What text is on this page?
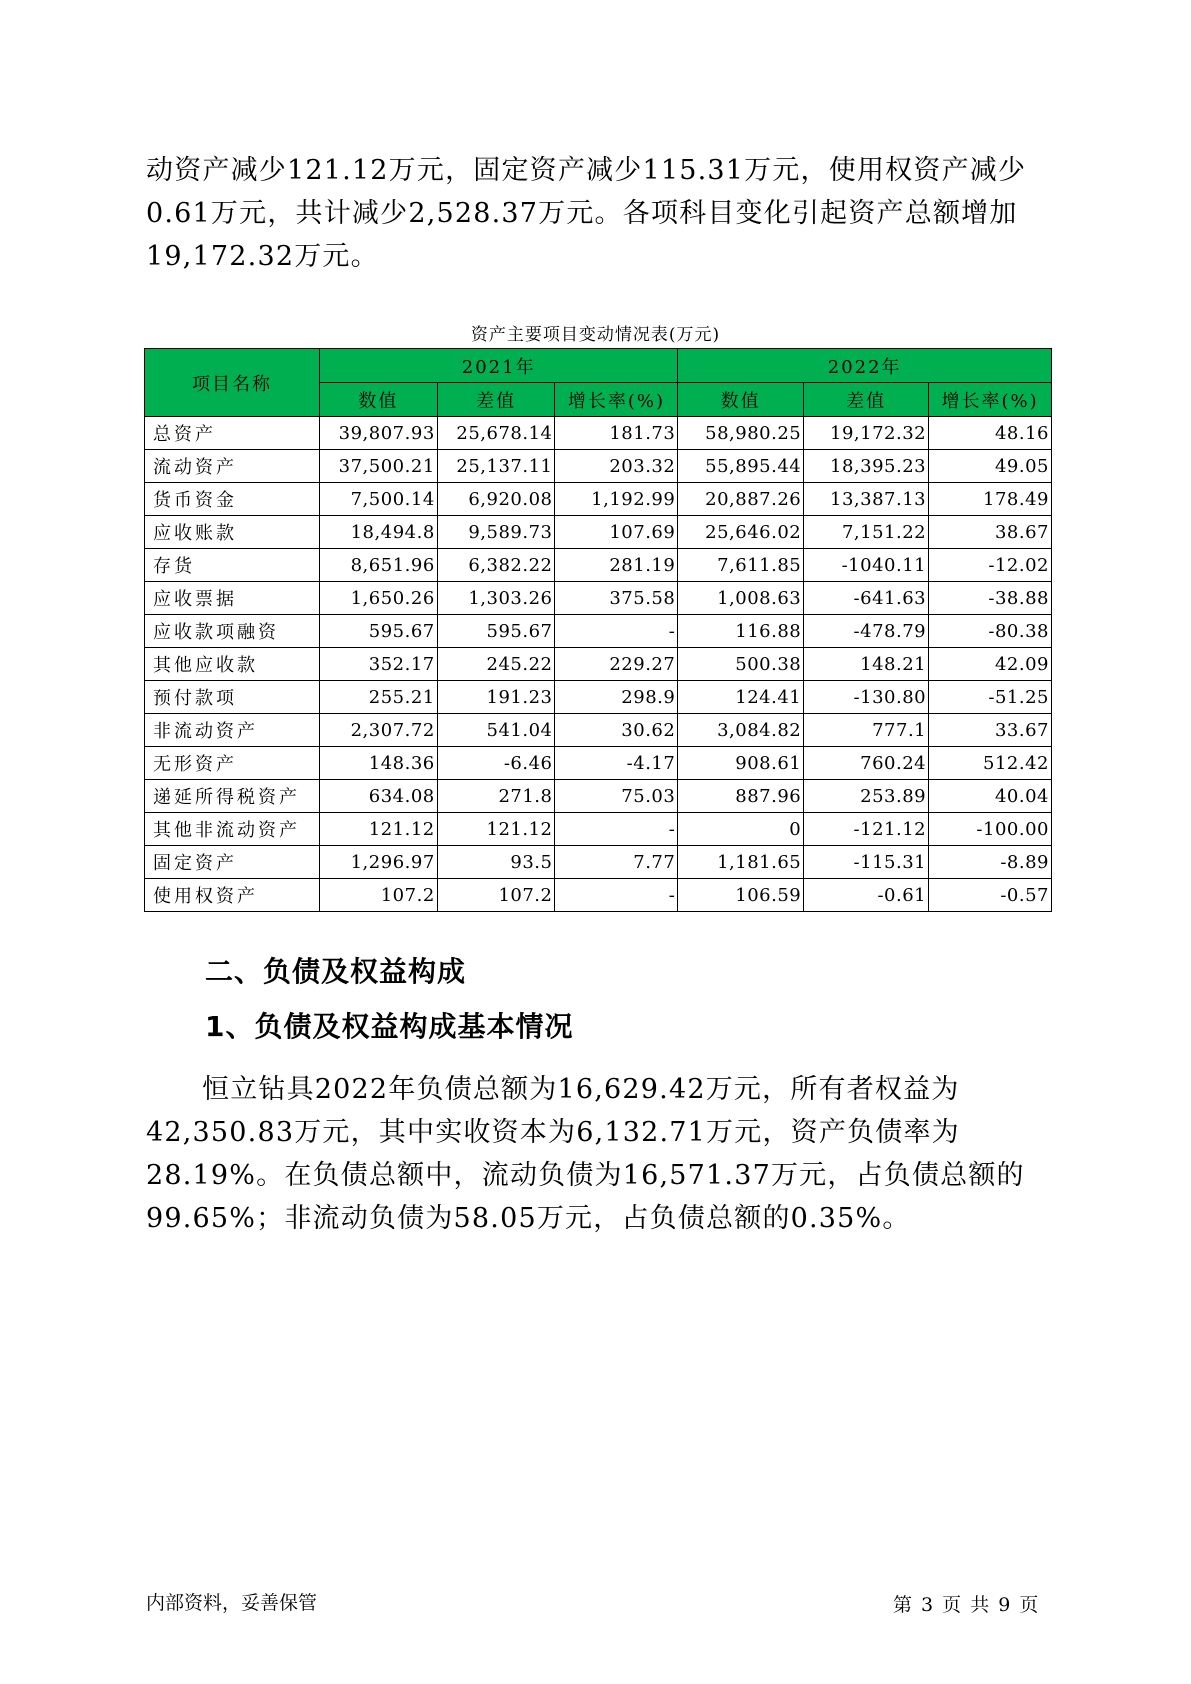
动资产减少121.12万元，固定资产减少115.31万元，使用权资产减少0.61万元，共计减少2,528.37万元。各项科目变化引起资产总额增加19,172.32万元。

资产主要项目变动情况表(万元)
项目名称	2021年			2022年		
	数值	差值	增长率(%)	数值	差值	增长率(%)
总资产	39,807.93	25,678.14	181.73	58,980.25	19,172.32	48.16
流动资产	37,500.21	25,137.11	203.32	55,895.44	18,395.23	49.05
货币资金	7,500.14	6,920.08	1,192.99	20,887.26	13,387.13	178.49
应收账款	18,494.8	9,589.73	107.69	25,646.02	7,151.22	38.67
存货	8,651.96	6,382.22	281.19	7,611.85	-1040.11	-12.02
应收票据	1,650.26	1,303.26	375.58	1,008.63	-641.63	-38.88
应收款项融资	595.67	595.67	-	116.88	-478.79	-80.38
其他应收款	352.17	245.22	229.27	500.38	148.21	42.09
预付款项	255.21	191.23	298.9	124.41	-130.80	-51.25
非流动资产	2,307.72	541.04	30.62	3,084.82	777.1	33.67
无形资产	148.36	-6.46	-4.17	908.61	760.24	512.42
递延所得税资产	634.08	271.8	75.03	887.96	253.89	40.04
其他非流动资产	121.12	121.12	-	0	-121.12	-100.00
固定资产	1,296.97	93.5	7.77	1,181.65	-115.31	-8.89
使用权资产	107.2	107.2	-	106.59	-0.61	-0.57
二、负债及权益构成
1、负债及权益构成基本情况

恒立钻具2022年负债总额为16,629.42万元，所有者权益为42,350.83万元，其中实收资本为6,132.71万元，资产负债率为28.19%。在负债总额中，流动负债为16,571.37万元，占负债总额的99.65%；非流动负债为58.05万元，占负债总额的0.35%。

内部资料，妥善保管	第 3 页 共 9 页
